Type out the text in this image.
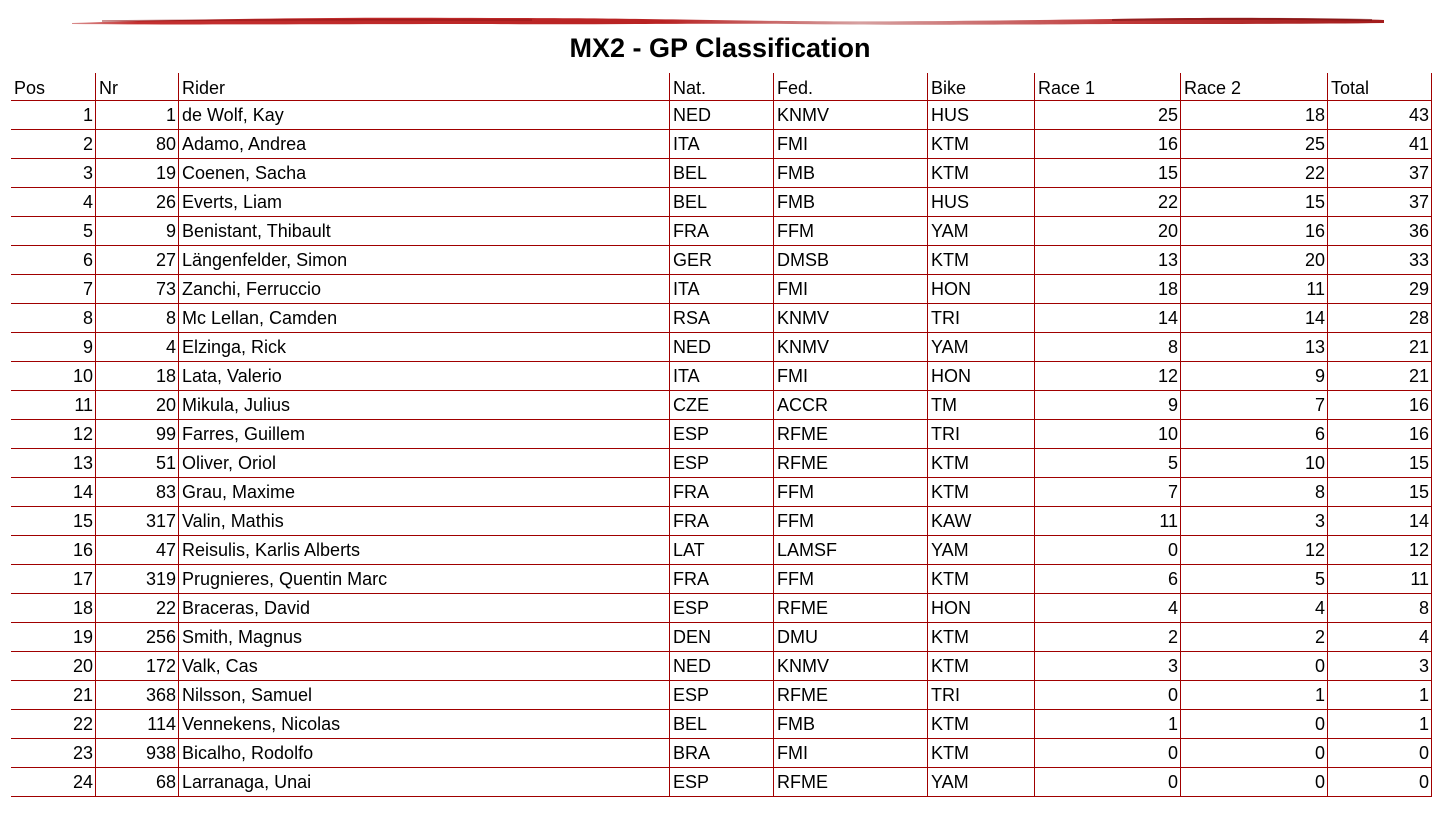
MX2 - GP Classification
Pos	Nr	Rider	Nat.	Fed.	Bike	Race 1	Race 2	Total
1	1	de Wolf, Kay	NED	KNMV	HUS	25	18	43
2	80	Adamo, Andrea	ITA	FMI	KTM	16	25	41
3	19	Coenen, Sacha	BEL	FMB	KTM	15	22	37
4	26	Everts, Liam	BEL	FMB	HUS	22	15	37
5	9	Benistant, Thibault	FRA	FFM	YAM	20	16	36
6	27	Längenfelder, Simon	GER	DMSB	KTM	13	20	33
7	73	Zanchi, Ferruccio	ITA	FMI	HON	18	11	29
8	8	Mc Lellan, Camden	RSA	KNMV	TRI	14	14	28
9	4	Elzinga, Rick	NED	KNMV	YAM	8	13	21
10	18	Lata, Valerio	ITA	FMI	HON	12	9	21
11	20	Mikula, Julius	CZE	ACCR	TM	9	7	16
12	99	Farres, Guillem	ESP	RFME	TRI	10	6	16
13	51	Oliver, Oriol	ESP	RFME	KTM	5	10	15
14	83	Grau, Maxime	FRA	FFM	KTM	7	8	15
15	317	Valin, Mathis	FRA	FFM	KAW	11	3	14
16	47	Reisulis, Karlis Alberts	LAT	LAMSF	YAM	0	12	12
17	319	Prugnieres, Quentin Marc	FRA	FFM	KTM	6	5	11
18	22	Braceras, David	ESP	RFME	HON	4	4	8
19	256	Smith, Magnus	DEN	DMU	KTM	2	2	4
20	172	Valk, Cas	NED	KNMV	KTM	3	0	3
21	368	Nilsson, Samuel	ESP	RFME	TRI	0	1	1
22	114	Vennekens, Nicolas	BEL	FMB	KTM	1	0	1
23	938	Bicalho, Rodolfo	BRA	FMI	KTM	0	0	0
24	68	Larranaga, Unai	ESP	RFME	YAM	0	0	0
